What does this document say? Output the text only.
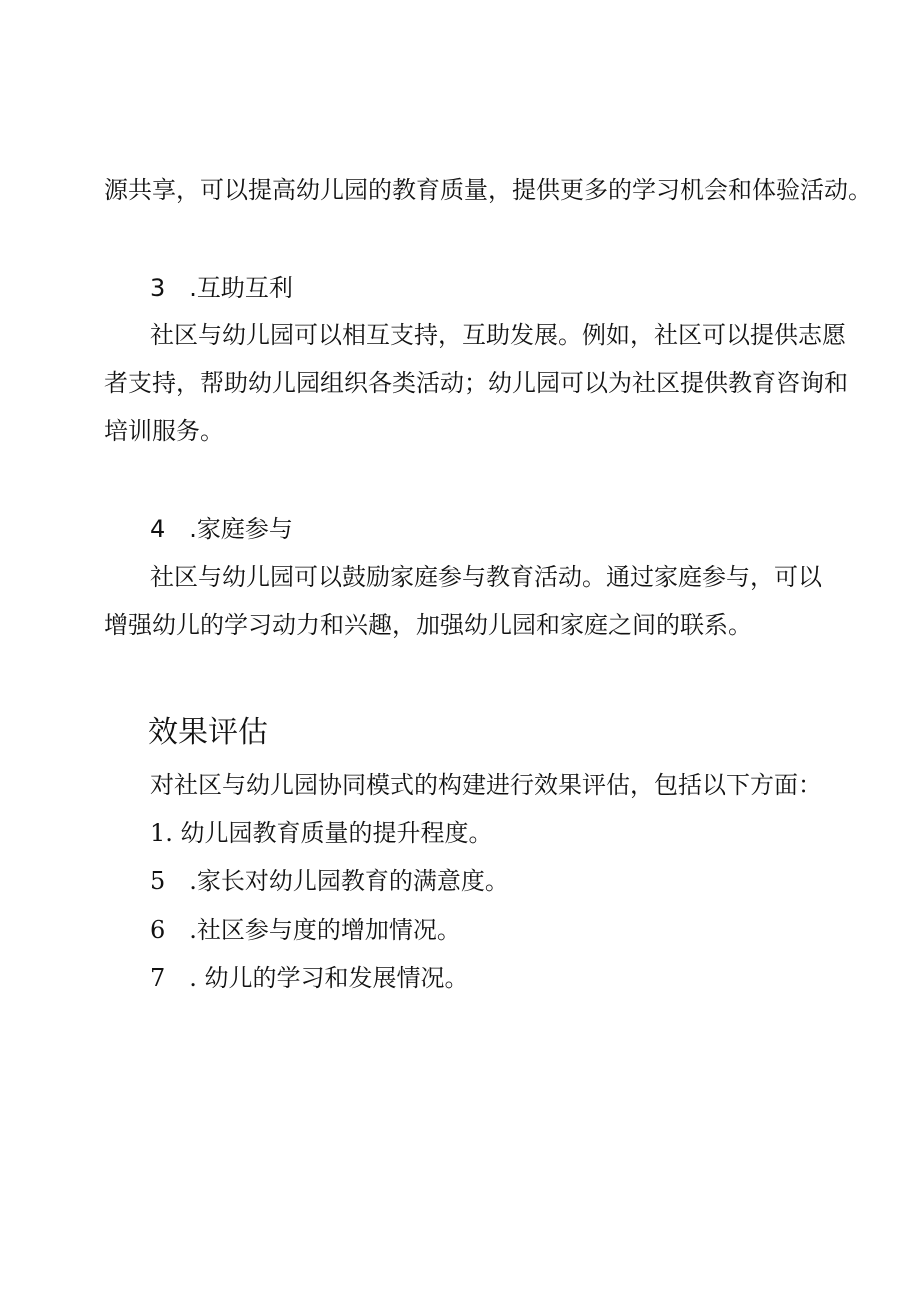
源共享，可以提高幼儿园的教育质量，提供更多的学习机会和体验活动。

3　.互助互利

社区与幼儿园可以相互支持，互助发展。例如，社区可以提供志愿

者支持，帮助幼儿园组织各类活动；幼儿园可以为社区提供教育咨询和

培训服务。

4　.家庭参与

社区与幼儿园可以鼓励家庭参与教育活动。通过家庭参与，可以

增强幼儿的学习动力和兴趣，加强幼儿园和家庭之间的联系。

效果评估

对社区与幼儿园协同模式的构建进行效果评估，包括以下方面：

1. 幼儿园教育质量的提升程度。

5　.家长对幼儿园教育的满意度。

6　.社区参与度的增加情况。

7　. 幼儿的学习和发展情况。
